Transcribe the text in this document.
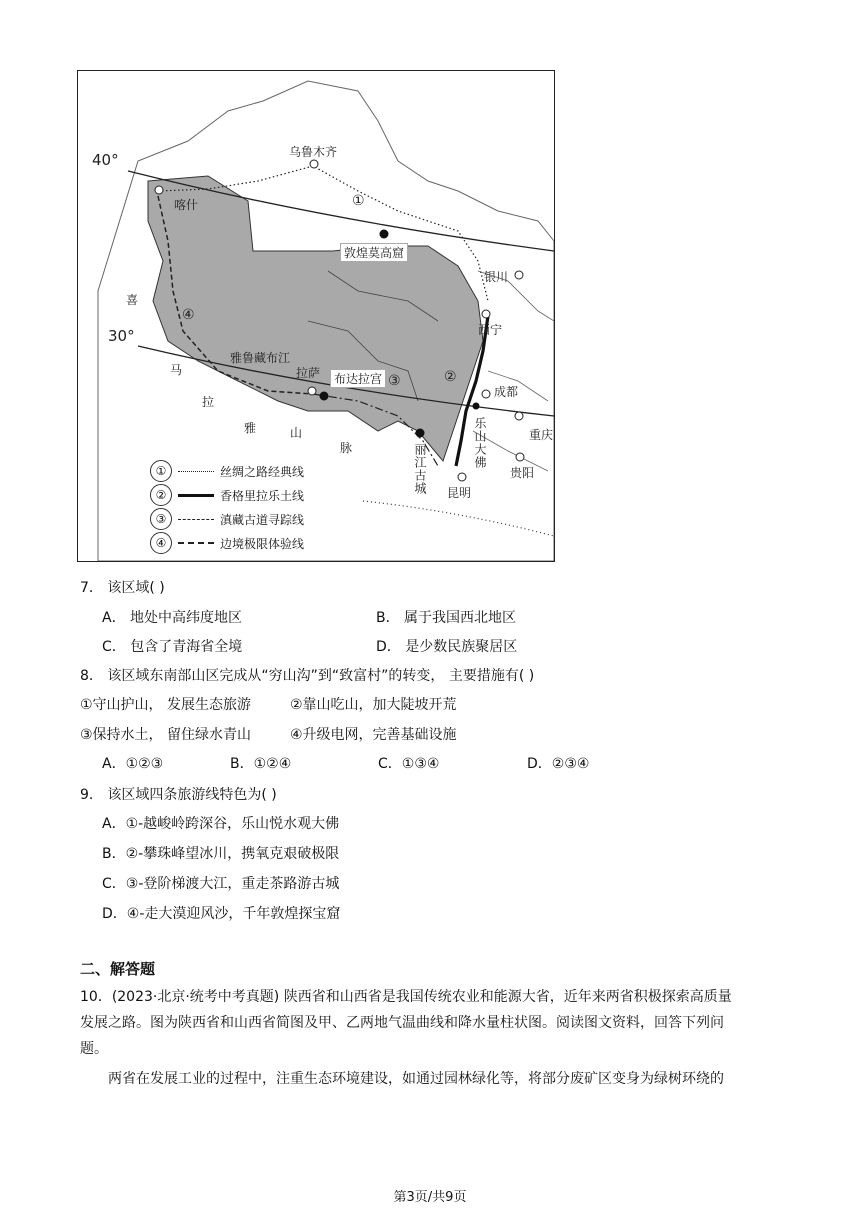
40°
30°
乌鲁木齐
喀什
敦煌莫高窟
银川
西宁
成都
重庆
贵阳
昆明
拉萨	布达拉宫
雅鲁藏布江
丽江古城	乐山大佛
喜
马
拉
雅	山
脉
①
②
③
④
①	丝绸之路经典线
②	香格里拉乐土线
③	滇藏古道寻踪线
④	边境极限体验线
7． 该区域( )
A． 地处中高纬度地区	B． 属于我国西北地区
C． 包含了青海省全境	D． 是少数民族聚居区
8． 该区域东南部山区完成从“穷山沟”到“致富村”的转变， 主要措施有( )
①守山护山， 发展生态旅游	②靠山吃山，加大陡坡开荒
③保持水土， 留住绿水青山	④升级电网，完善基础设施
A．①②③	B．①②④	C．①③④	D．②③④
9． 该区域四条旅游线特色为( )
A．①-越峻岭跨深谷，乐山悦水观大佛
B．②-攀珠峰望冰川，携氧克艰破极限
C．③-登阶梯渡大江，重走茶路游古城
D．④-走大漠迎风沙，千年敦煌探宝窟
二、解答题
10．(2023·北京·统考中考真题) 陕西省和山西省是我国传统农业和能源大省，近年来两省积极探索高质量
发展之路。图为陕西省和山西省简图及甲、乙两地气温曲线和降水量柱状图。阅读图文资料，回答下列问
题。
两省在发展工业的过程中，注重生态环境建设，如通过园林绿化等，将部分废矿区变身为绿树环绕的
第3页/共9页
